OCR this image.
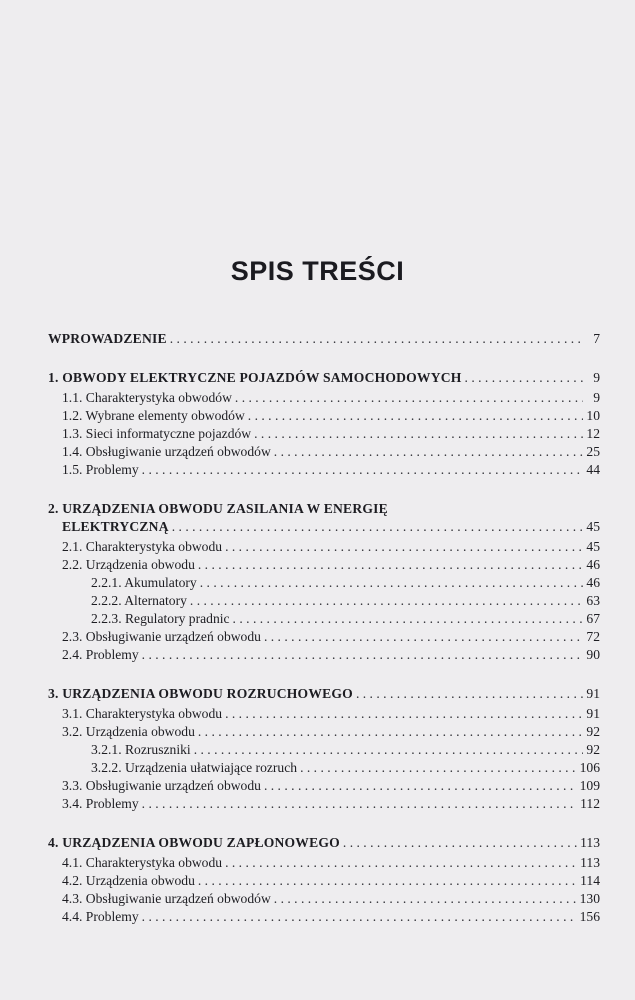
SPIS TREŚCI
WPROWADZENIE . . .	7
1. OBWODY ELEKTRYCZNE POJAZDÓW SAMOCHODOWYCH . . .	9
1.1. Charakterystyka obwodów . . .	9
1.2. Wybrane elementy obwodów . . .	10
1.3. Sieci informatyczne pojazdów . . .	12
1.4. Obsługiwanie urządzeń obwodów . . .	25
1.5. Problemy . . .	44
2. URZĄDZENIA OBWODU ZASILANIA W ENERGIĘ
ELEKTRYCZNĄ . . .	45
2.1. Charakterystyka obwodu . . .	45
2.2. Urządzenia obwodu . . .	46
2.2.1. Akumulatory . . .	46
2.2.2. Alternatory . . .	63
2.2.3. Regulatory pradnic . . .	67
2.3. Obsługiwanie urządzeń obwodu . . .	72
2.4. Problemy . . .	90
3. URZĄDZENIA OBWODU ROZRUCHOWEGO . . .	91
3.1. Charakterystyka obwodu . . .	91
3.2. Urządzenia obwodu . . .	92
3.2.1. Rozruszniki . . .	92
3.2.2. Urządzenia ułatwiające rozruch . . .	106
3.3. Obsługiwanie urządzeń obwodu . . .	109
3.4. Problemy . . .	112
4. URZĄDZENIA OBWODU ZAPŁONOWEGO . . .	113
4.1. Charakterystyka obwodu . . .	113
4.2. Urządzenia obwodu . . .	114
4.3. Obsługiwanie urządzeń obwodów . . .	130
4.4. Problemy . . .	156
